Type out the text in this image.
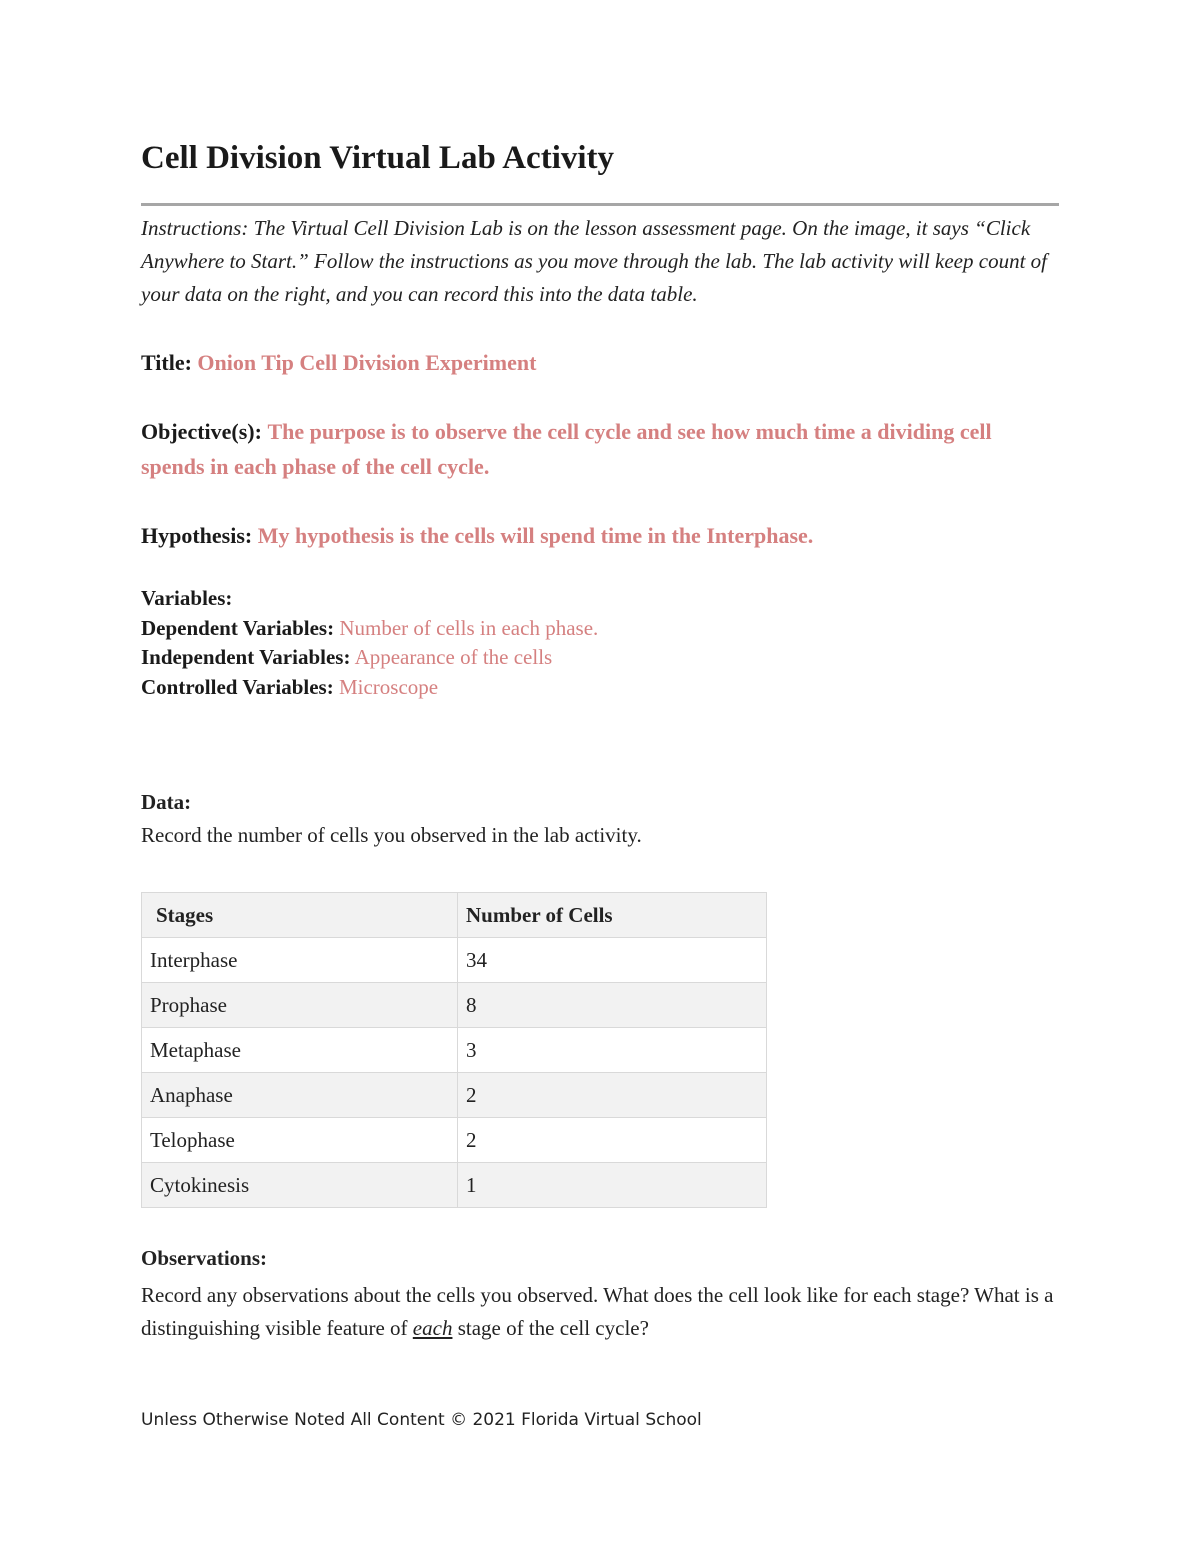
Cell Division Virtual Lab Activity
Instructions: The Virtual Cell Division Lab is on the lesson assessment page. On the image, it says “Click Anywhere to Start.” Follow the instructions as you move through the lab. The lab activity will keep count of your data on the right, and you can record this into the data table.
Title: Onion Tip Cell Division Experiment
Objective(s): The purpose is to observe the cell cycle and see how much time a dividing cell spends in each phase of the cell cycle.
Hypothesis: My hypothesis is the cells will spend time in the Interphase.
Variables:
Dependent Variables: Number of cells in each phase.
Independent Variables: Appearance of the cells
Controlled Variables: Microscope
Data:
Record the number of cells you observed in the lab activity.
Stages	Number of Cells
Interphase	34
Prophase	8
Metaphase	3
Anaphase	2
Telophase	2
Cytokinesis	1
Observations:
Record any observations about the cells you observed. What does the cell look like for each stage? What is a distinguishing visible feature of each stage of the cell cycle?
Unless Otherwise Noted All Content © 2021 Florida Virtual School
